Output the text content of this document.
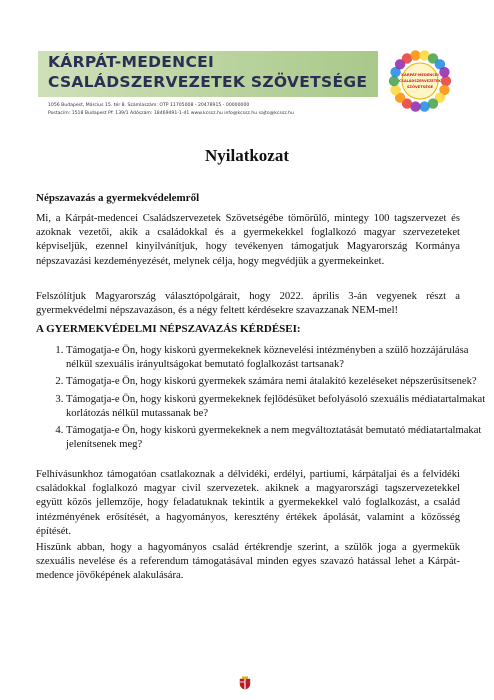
KÁRPÁT-MEDENCEI
CSALÁDSZERVEZETEK SZÖVETSÉGE
1056 Budapest, Március 15. tér 8. Számlaszám: OTP 11705008 - 20478915 - 00000000
Postacím: 1518 Budapest Pf: 139/1 Adószám: 18469491-1-41 www.kcssz.hu info@kcssz.hu sajto@kcssz.hu
KÁRPÁT-MEDENCEI
CSALÁDSZERVEZETEK
SZÖVETSÉGE
Nyilatkozat
Népszavazás a gyermekvédelemről

Mi, a Kárpát-medencei Családszervezetek Szövetségébe tömörülő, mintegy 100 tagszervezet és azoknak vezetői, akik a családokkal és a gyermekekkel foglalkozó magyar szervezeteket képviseljük, ezennel kinyilvánítjuk, hogy tevékenyen támogatjuk Magyarország Kormánya népszavazási kezdeményezését, melynek célja, hogy megvédjük a gyermekeinket.

Felszólítjuk Magyarország választópolgárait, hogy 2022. április 3-án vegyenek részt a gyermekvédelmi népszavazáson, és a négy feltett kérdésekre szavazzanak NEM-mel!

A GYERMEKVÉDELMI NÉPSZAVAZÁS KÉRDÉSEI:
1. Támogatja-e Ön, hogy kiskorú gyermekeknek köznevelési intézményben a szülő hozzájárulása nélkül szexuális irányultságokat bemutató foglalkozást tartsanak?
2. Támogatja-e Ön, hogy kiskorú gyermekek számára nemi átalakító kezeléseket népszerűsítsenek?
3. Támogatja-e Ön, hogy kiskorú gyermekeknek fejlődésüket befolyásoló szexuális médiatartalmakat korlátozás nélkül mutassanak be?
4. Támogatja-e Ön, hogy kiskorú gyermekeknek a nem megváltoztatását bemutató médiatartalmakat jelenítsenek meg?

Felhívásunkhoz támogatóan csatlakoznak a délvidéki, erdélyi, partiumi, kárpátaljai és a felvidéki családokkal foglalkozó magyar civil szervezetek. akiknek a magyarországi tagszervezetekkel együtt közös jellemzője, hogy feladatuknak tekintik a gyermekekkel való foglalkozást, a család intézményének erősítését, a hagyományos, keresztény értékek ápolását, valamint a közösség építését.

Hiszünk abban, hogy a hagyományos család értékrendje szerint, a szülők joga a gyermekük szexuális nevelése és a referendum támogatásával minden egyes szavazó hatással lehet a Kárpát-medence jövőképének alakulására.
